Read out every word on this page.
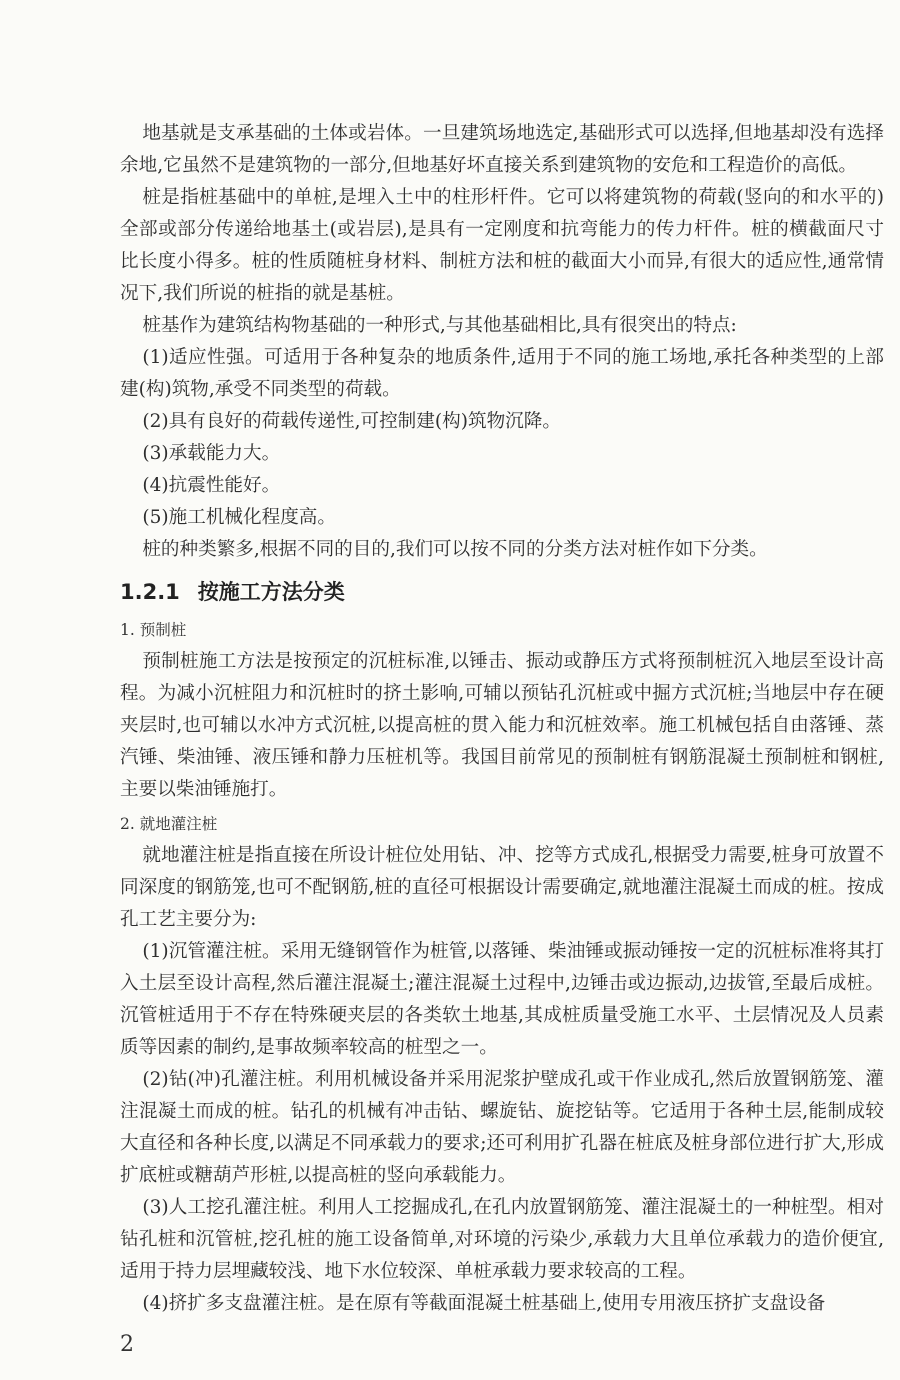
地基就是支承基础的土体或岩体。一旦建筑场地选定,基础形式可以选择,但地基却没有选择余地,它虽然不是建筑物的一部分,但地基好坏直接关系到建筑物的安危和工程造价的高低。

桩是指桩基础中的单桩,是埋入土中的柱形杆件。它可以将建筑物的荷载(竖向的和水平的)全部或部分传递给地基土(或岩层),是具有一定刚度和抗弯能力的传力杆件。桩的横截面尺寸比长度小得多。桩的性质随桩身材料、制桩方法和桩的截面大小而异,有很大的适应性,通常情况下,我们所说的桩指的就是基桩。

桩基作为建筑结构物基础的一种形式,与其他基础相比,具有很突出的特点:

(1)适应性强。可适用于各种复杂的地质条件,适用于不同的施工场地,承托各种类型的上部建(构)筑物,承受不同类型的荷载。

(2)具有良好的荷载传递性,可控制建(构)筑物沉降。

(3)承载能力大。

(4)抗震性能好。

(5)施工机械化程度高。

桩的种类繁多,根据不同的目的,我们可以按不同的分类方法对桩作如下分类。

1.2.1 按施工方法分类
1. 预制桩

预制桩施工方法是按预定的沉桩标准,以锤击、振动或静压方式将预制桩沉入地层至设计高程。为减小沉桩阻力和沉桩时的挤土影响,可辅以预钻孔沉桩或中掘方式沉桩;当地层中存在硬夹层时,也可辅以水冲方式沉桩,以提高桩的贯入能力和沉桩效率。施工机械包括自由落锤、蒸汽锤、柴油锤、液压锤和静力压桩机等。我国目前常见的预制桩有钢筋混凝土预制桩和钢桩,主要以柴油锤施打。

2. 就地灌注桩

就地灌注桩是指直接在所设计桩位处用钻、冲、挖等方式成孔,根据受力需要,桩身可放置不同深度的钢筋笼,也可不配钢筋,桩的直径可根据设计需要确定,就地灌注混凝土而成的桩。按成孔工艺主要分为:

(1)沉管灌注桩。采用无缝钢管作为桩管,以落锤、柴油锤或振动锤按一定的沉桩标准将其打入土层至设计高程,然后灌注混凝土;灌注混凝土过程中,边锤击或边振动,边拔管,至最后成桩。沉管桩适用于不存在特殊硬夹层的各类软土地基,其成桩质量受施工水平、土层情况及人员素质等因素的制约,是事故频率较高的桩型之一。

(2)钻(冲)孔灌注桩。利用机械设备并采用泥浆护壁成孔或干作业成孔,然后放置钢筋笼、灌注混凝土而成的桩。钻孔的机械有冲击钻、螺旋钻、旋挖钻等。它适用于各种土层,能制成较大直径和各种长度,以满足不同承载力的要求;还可利用扩孔器在桩底及桩身部位进行扩大,形成扩底桩或糖葫芦形桩,以提高桩的竖向承载能力。

(3)人工挖孔灌注桩。利用人工挖掘成孔,在孔内放置钢筋笼、灌注混凝土的一种桩型。相对钻孔桩和沉管桩,挖孔桩的施工设备简单,对环境的污染少,承载力大且单位承载力的造价便宜,适用于持力层埋藏较浅、地下水位较深、单桩承载力要求较高的工程。

(4)挤扩多支盘灌注桩。是在原有等截面混凝土桩基础上,使用专用液压挤扩支盘设备

2
